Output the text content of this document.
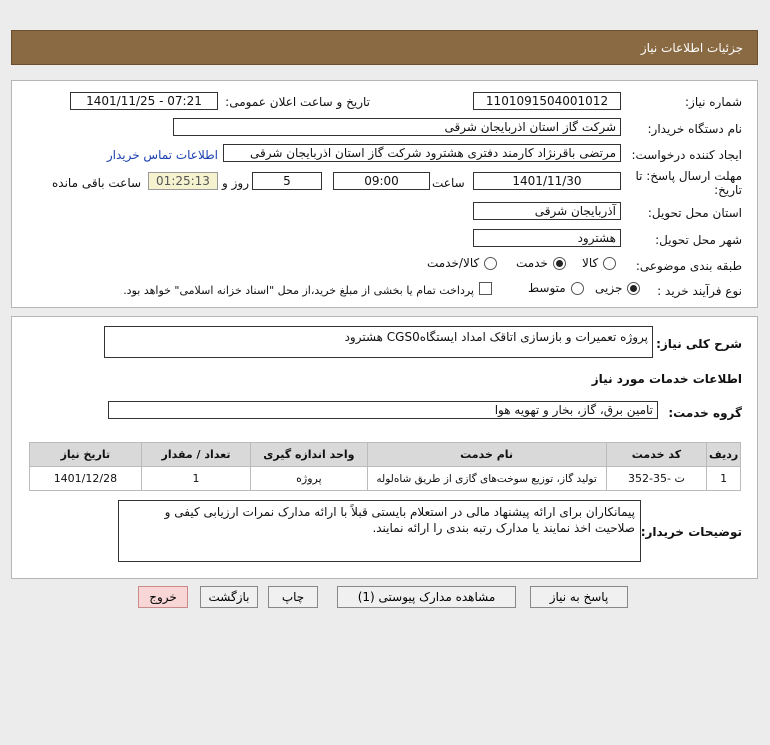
جزئیات اطلاعات نیاز
شماره نیاز:
1101091504001012
تاریخ و ساعت اعلان عمومی:
1401/11/25 - 07:21
نام دستگاه خریدار:
شرکت گاز استان اذربایجان شرقی
ایجاد کننده درخواست:
مرتضی باقرنژاد کارمند دفتری هشترود شرکت گاز استان اذربایجان شرقی
اطلاعات تماس خریدار
مهلت ارسال پاسخ: تا
تاریخ:
1401/11/30
ساعت
09:00
5
روز و
01:25:13
ساعت باقی مانده
استان محل تحویل:
آذربایجان شرقی
شهر محل تحویل:
هشترود
طبقه بندی موضوعی:
کالا
خدمت
کالا/خدمت
نوع فرآیند خرید :
جزیی
متوسط
پرداخت تمام یا بخشی از مبلغ خرید،از محل "اسناد خزانه اسلامی" خواهد بود.
شرح کلی نیاز:
پروژه تعمیرات و بازسازی اتاقک امداد ایستگاهCGS0 هشترود
اطلاعات خدمات مورد نیاز
گروه خدمت:
تامین برق، گاز، بخار و تهویه هوا
ردیف	کد خدمت	نام خدمت	واحد اندازه گیری	تعداد / مقدار	تاریخ نیاز
1	ت -35-352	تولید گاز، توزیع سوخت‌های گازی از طریق شاه‌لوله	پروژه	1	1401/12/28
توضیحات خریدار:
پیمانکاران برای ارائه پیشنهاد مالی در استعلام بایستی قبلاً با ارائه مدارک نمرات ارزیابی کیفی و صلاحیت اخذ نمایند یا مدارک رتبه بندی را ارائه نمایند.
پاسخ به نیاز
مشاهده مدارک پیوستی (1)
چاپ
بازگشت
خروج
